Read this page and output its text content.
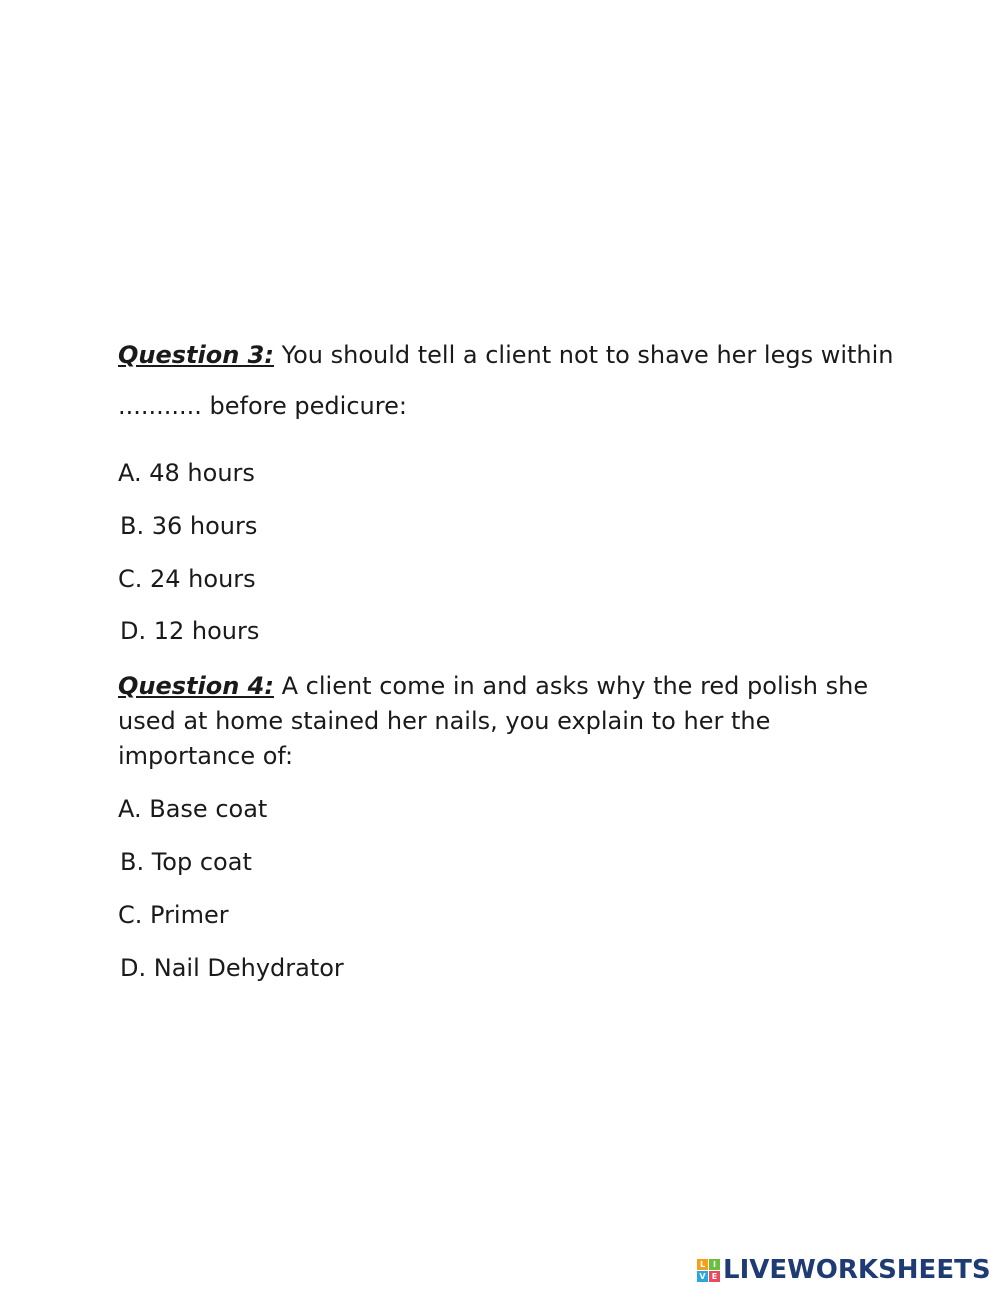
Question 3: You should tell a client not to shave her legs within
........... before pedicure:
A. 48 hours
B. 36 hours
C. 24 hours
D. 12 hours
Question 4: A client come in and asks why the red polish she
used at home stained her nails, you explain to her the
importance of:
A. Base coat
B. Top coat
C. Primer
D. Nail Dehydrator
L I
V E LIVEWORKSHEETS
